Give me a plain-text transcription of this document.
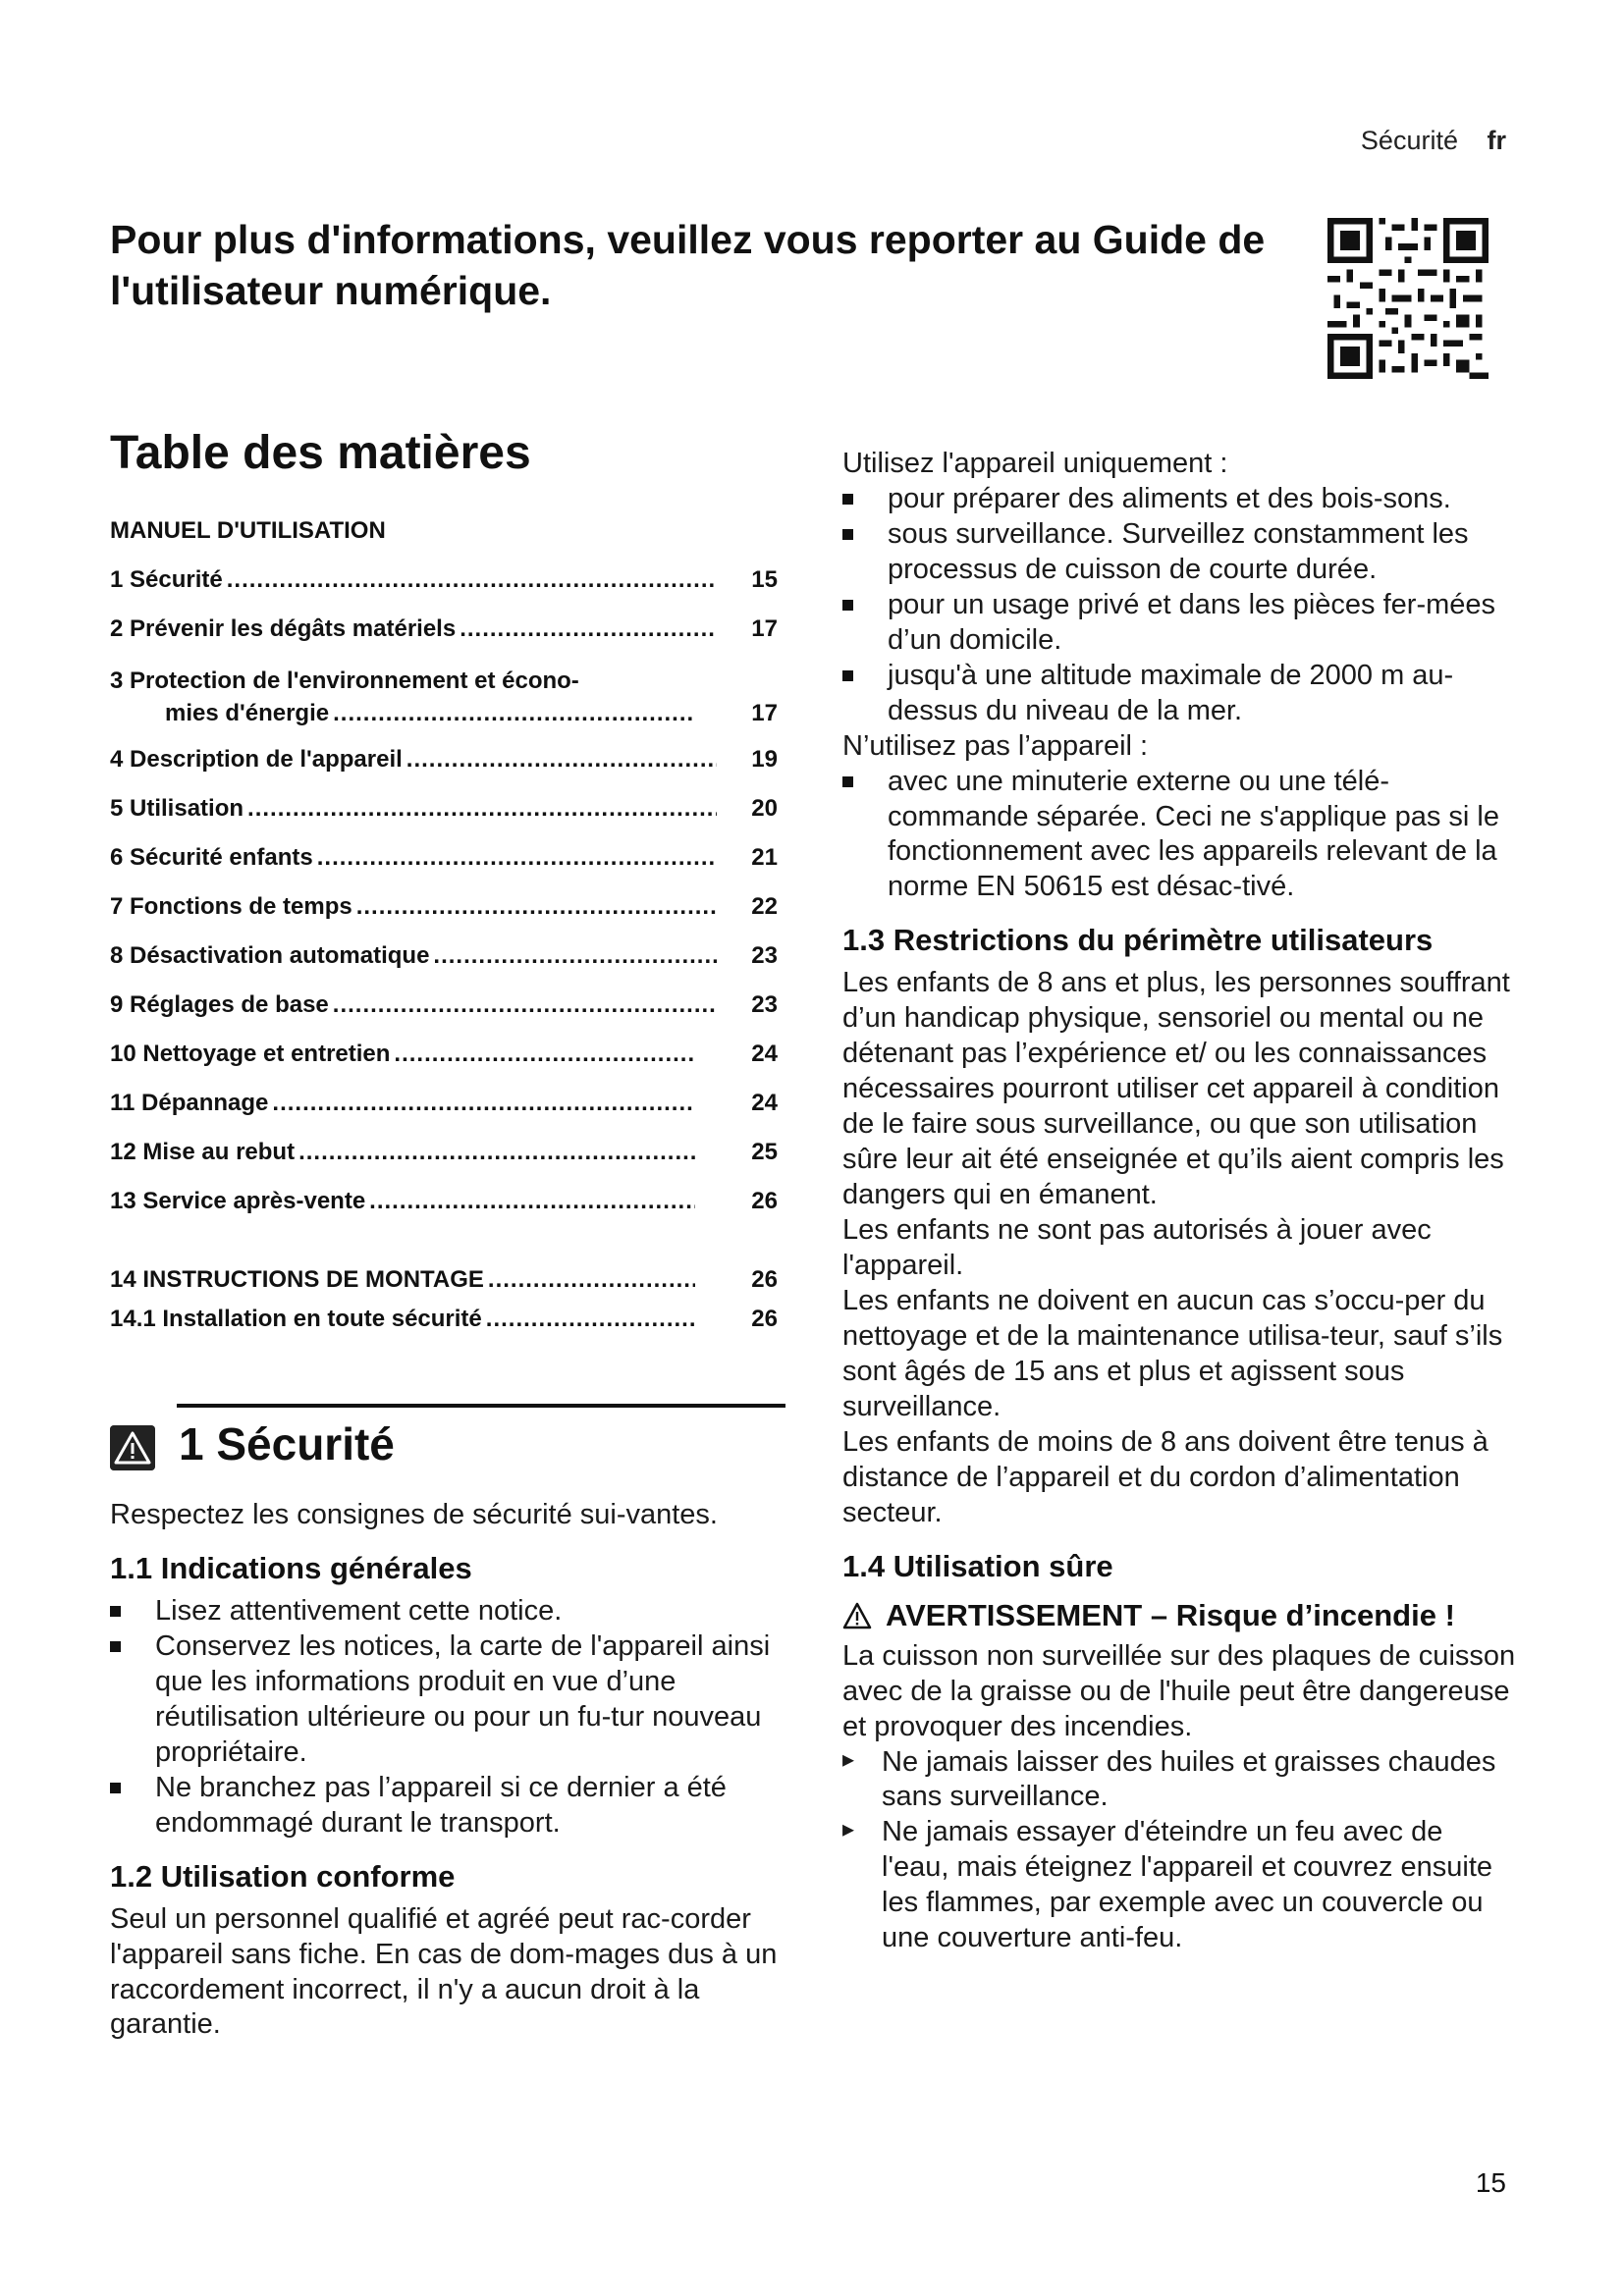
Sécurité fr
Pour plus d'informations, veuillez vous reporter au Guide de l'utilisateur numérique.
Table des matières
MANUEL D'UTILISATION
1 Sécurité .....	15
2 Prévenir les dégâts matériels .....	17
3 Protection de l'environnement et écono-
mies d'énergie .....	17
4 Description de l'appareil .....	19
5 Utilisation .....	20
6 Sécurité enfants .....	21
7 Fonctions de temps .....	22
8 Désactivation automatique .....	23
9 Réglages de base .....	23
10 Nettoyage et entretien .....	24
11 Dépannage .....	24
12 Mise au rebut .....	25
13 Service après-vente .....	26
14 INSTRUCTIONS DE MONTAGE .....	26
14.1 Installation en toute sécurité .....	26
1 Sécurité

Respectez les consignes de sécurité sui-vantes.

1.1 Indications générales
Lisez attentivement cette notice.
Conservez les notices, la carte de l'appareil ainsi que les informations produit en vue d’une réutilisation ultérieure ou pour un fu-tur nouveau propriétaire.
Ne branchez pas l’appareil si ce dernier a été endommagé durant le transport.
1.2 Utilisation conforme

Seul un personnel qualifié et agréé peut rac-corder l'appareil sans fiche. En cas de dom-mages dus à un raccordement incorrect, il n'y a aucun droit à la garantie.

Utilisez l'appareil uniquement :

pour préparer des aliments et des bois-sons.
sous surveillance. Surveillez constamment les processus de cuisson de courte durée.
pour un usage privé et dans les pièces fer-mées d’un domicile.
jusqu'à une altitude maximale de 2000 m au-dessus du niveau de la mer.

N’utilisez pas l’appareil :

avec une minuterie externe ou une télé-commande séparée. Ceci ne s'applique pas si le fonctionnement avec les appareils relevant de la norme EN 50615 est désac-tivé.
1.3 Restrictions du périmètre utilisateurs

Les enfants de 8 ans et plus, les personnes souffrant d’un handicap physique, sensoriel ou mental ou ne détenant pas l’expérience et/ ou les connaissances nécessaires pourront utiliser cet appareil à condition de le faire sous surveillance, ou que son utilisation sûre leur ait été enseignée et qu’ils aient compris les dangers qui en émanent.

Les enfants ne sont pas autorisés à jouer avec l'appareil.

Les enfants ne doivent en aucun cas s’occu-per du nettoyage et de la maintenance utilisa-teur, sauf s’ils sont âgés de 15 ans et plus et agissent sous surveillance.

Les enfants de moins de 8 ans doivent être tenus à distance de l’appareil et du cordon d’alimentation secteur.

1.4 Utilisation sûre
AVERTISSEMENT – Risque d’incendie !

La cuisson non surveillée sur des plaques de cuisson avec de la graisse ou de l'huile peut être dangereuse et provoquer des incendies.

▸ Ne jamais laisser des huiles et graisses chaudes sans surveillance.
▸ Ne jamais essayer d'éteindre un feu avec de l'eau, mais éteignez l'appareil et couvrez ensuite les flammes, par exemple avec un couvercle ou une couverture anti-feu.
15
